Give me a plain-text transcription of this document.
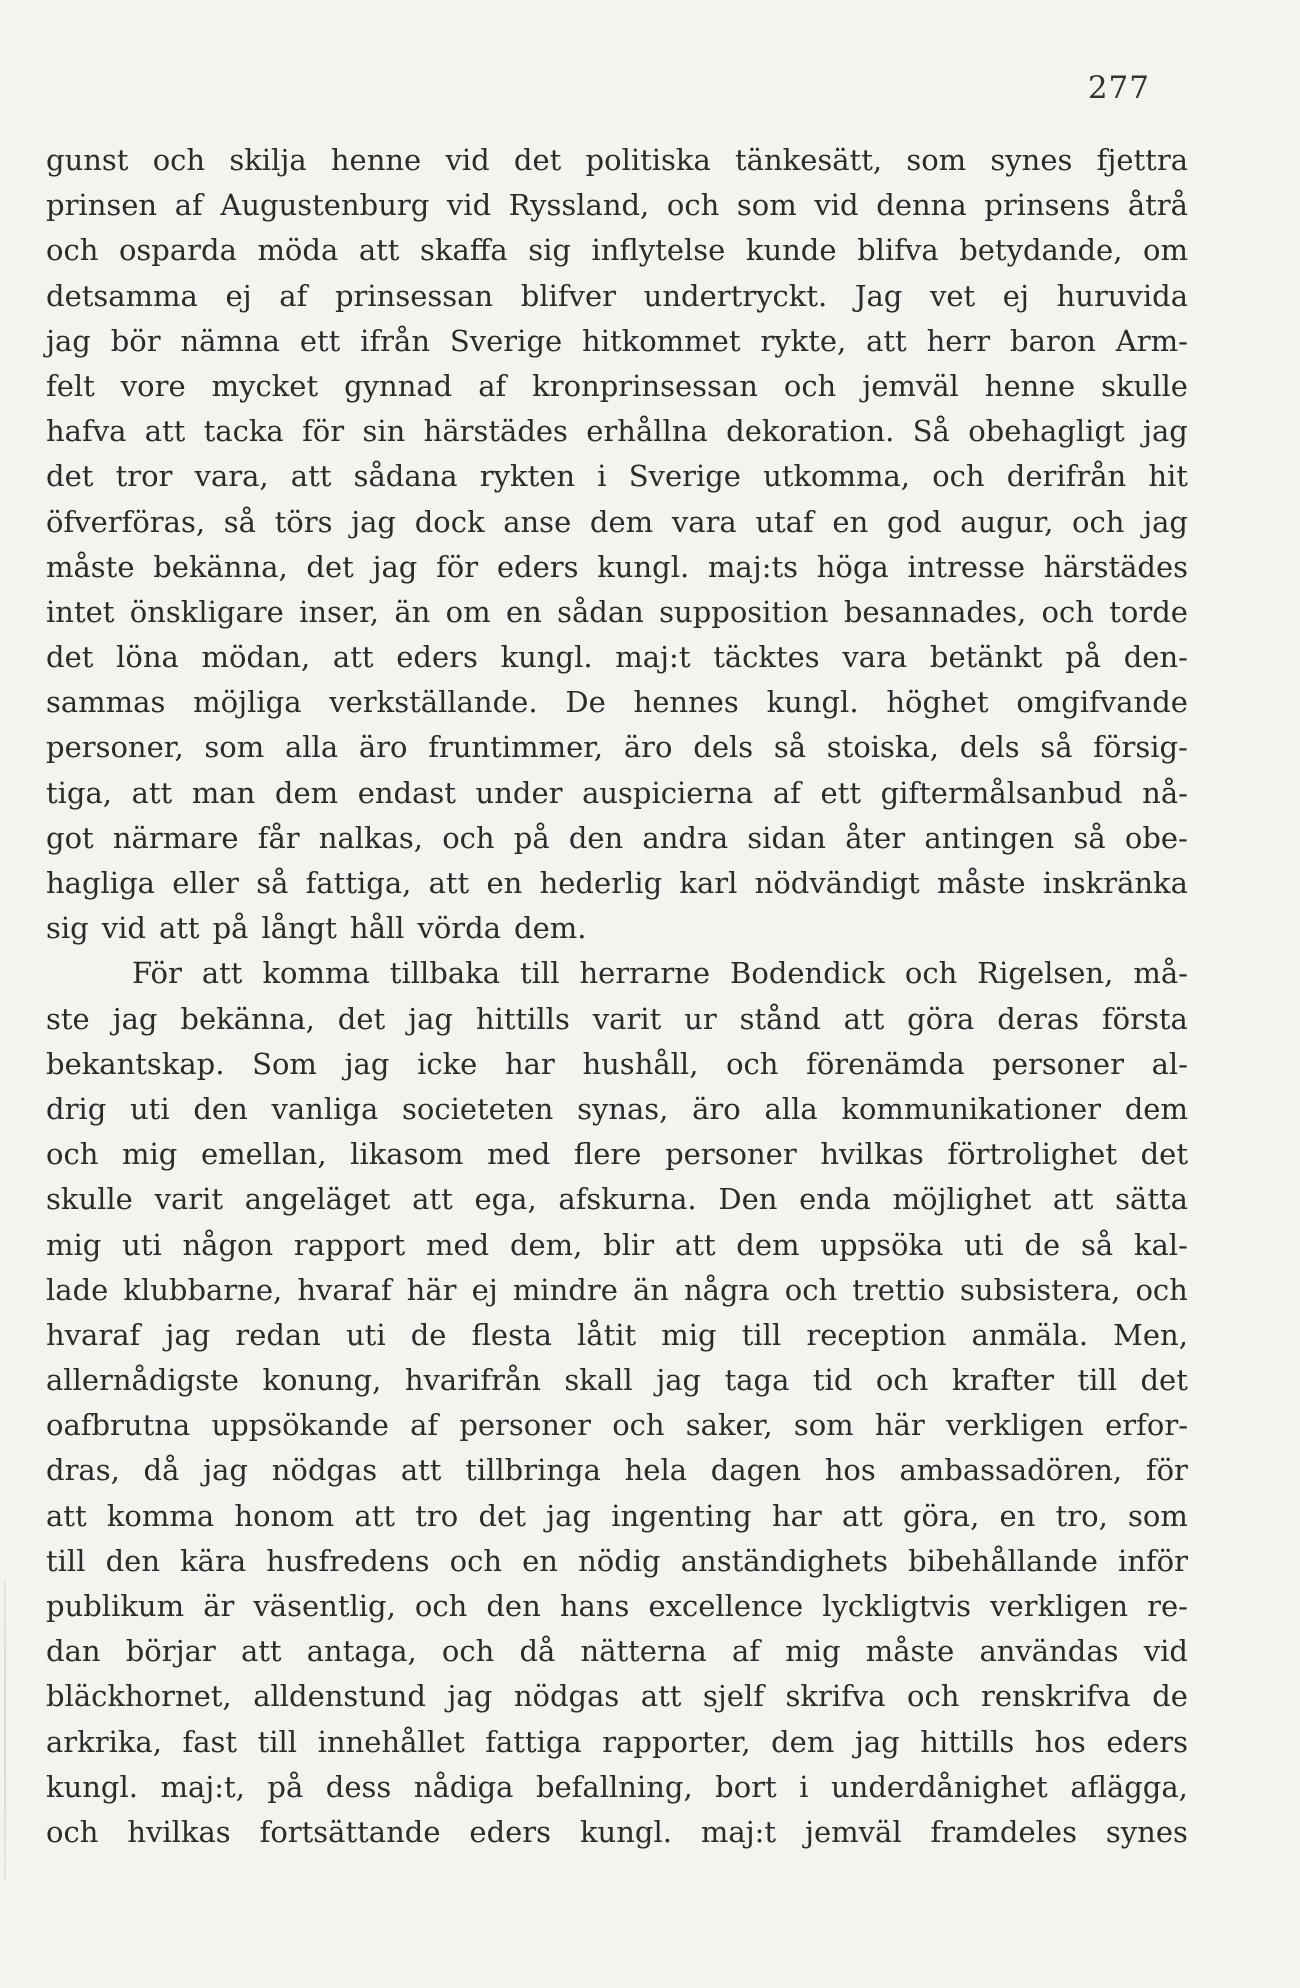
277
gunst och skilja henne vid det politiska tänkesätt, som synes fjettra
prinsen af Augustenburg vid Ryssland, och som vid denna prinsens åtrå
och osparda möda att skaffa sig inflytelse kunde blifva betydande, om
detsamma ej af prinsessan blifver undertryckt. Jag vet ej huruvida
jag bör nämna ett ifrån Sverige hitkommet rykte, att herr baron Arm-
felt vore mycket gynnad af kronprinsessan och jemväl henne skulle
hafva att tacka för sin härstädes erhållna dekoration. Så obehagligt jag
det tror vara, att sådana rykten i Sverige utkomma, och derifrån hit
öfverföras, så törs jag dock anse dem vara utaf en god augur, och jag
måste bekänna, det jag för eders kungl. maj:ts höga intresse härstädes
intet önskligare inser, än om en sådan supposition besannades, och torde
det löna mödan, att eders kungl. maj:t täcktes vara betänkt på den-
sammas möjliga verkställande. De hennes kungl. höghet omgifvande
personer, som alla äro fruntimmer, äro dels så stoiska, dels så försig-
tiga, att man dem endast under auspicierna af ett giftermålsanbud nå-
got närmare får nalkas, och på den andra sidan åter antingen så obe-
hagliga eller så fattiga, att en hederlig karl nödvändigt måste inskränka
sig vid att på långt håll vörda dem.
För att komma tillbaka till herrarne Bodendick och Rigelsen, må-
ste jag bekänna, det jag hittills varit ur stånd att göra deras första
bekantskap. Som jag icke har hushåll, och förenämda personer al-
drig uti den vanliga societeten synas, äro alla kommunikationer dem
och mig emellan, likasom med flere personer hvilkas förtrolighet det
skulle varit angeläget att ega, afskurna. Den enda möjlighet att sätta
mig uti någon rapport med dem, blir att dem uppsöka uti de så kal-
lade klubbarne, hvaraf här ej mindre än några och trettio subsistera, och
hvaraf jag redan uti de flesta låtit mig till reception anmäla. Men,
allernådigste konung, hvarifrån skall jag taga tid och krafter till det
oafbrutna uppsökande af personer och saker, som här verkligen erfor-
dras, då jag nödgas att tillbringa hela dagen hos ambassadören, för
att komma honom att tro det jag ingenting har att göra, en tro, som
till den kära husfredens och en nödig anständighets bibehållande inför
publikum är väsentlig, och den hans excellence lyckligtvis verkligen re-
dan börjar att antaga, och då nätterna af mig måste användas vid
bläckhornet, alldenstund jag nödgas att sjelf skrifva och renskrifva de
arkrika, fast till innehållet fattiga rapporter, dem jag hittills hos eders
kungl. maj:t, på dess nådiga befallning, bort i underdånighet aflägga,
och hvilkas fortsättande eders kungl. maj:t jemväl framdeles synes
